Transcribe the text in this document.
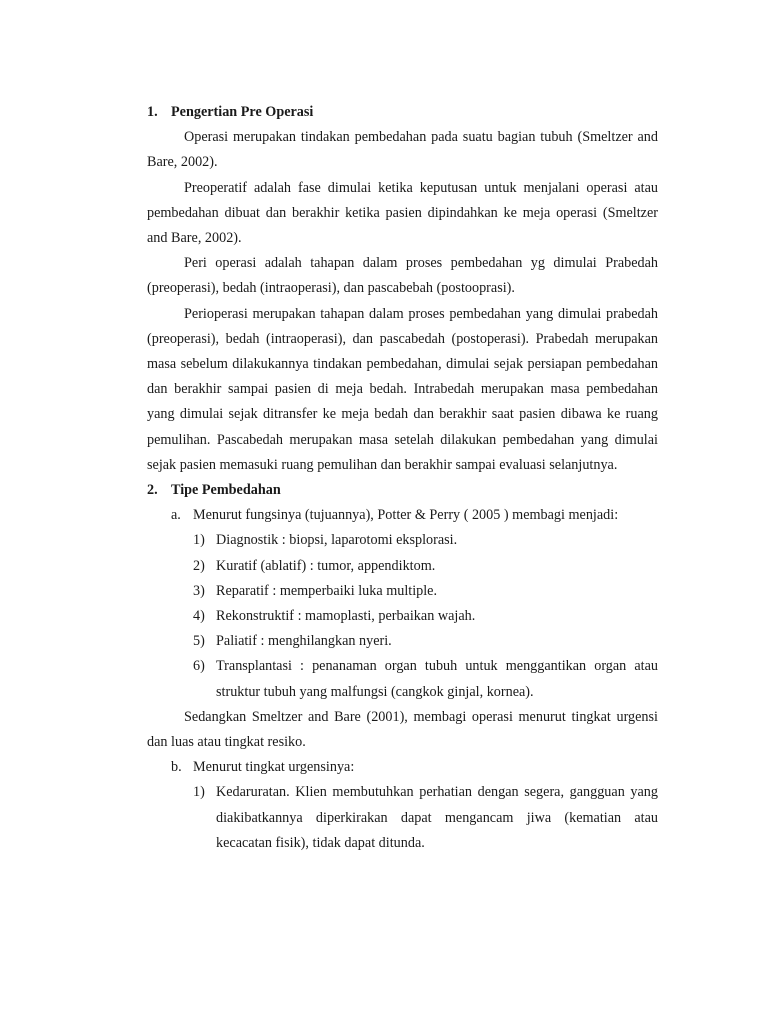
1. Pengertian Pre Operasi

Operasi merupakan tindakan pembedahan pada suatu bagian tubuh (Smeltzer and Bare, 2002).

Preoperatif adalah fase dimulai ketika keputusan untuk menjalani operasi atau pembedahan dibuat dan berakhir ketika pasien dipindahkan ke meja operasi (Smeltzer and Bare, 2002).

Peri operasi adalah tahapan dalam proses pembedahan yg dimulai Prabedah (preoperasi), bedah (intraoperasi), dan pascabebah (postooprasi).

Perioperasi merupakan tahapan dalam proses pembedahan yang dimulai prabedah (preoperasi), bedah (intraoperasi), dan pascabedah (postoperasi). Prabedah merupakan masa sebelum dilakukannya tindakan pembedahan, dimulai sejak persiapan pembedahan dan berakhir sampai pasien di meja bedah. Intrabedah merupakan masa pembedahan yang dimulai sejak ditransfer ke meja bedah dan berakhir saat pasien dibawa ke ruang pemulihan. Pascabedah merupakan masa setelah dilakukan pembedahan yang dimulai sejak pasien memasuki ruang pemulihan dan berakhir sampai evaluasi selanjutnya.

2. Tipe Pembedahan
a. Menurut fungsinya (tujuannya), Potter & Perry ( 2005 ) membagi menjadi:
1) Diagnostik : biopsi, laparotomi eksplorasi.
2) Kuratif (ablatif) : tumor, appendiktom.
3) Reparatif : memperbaiki luka multiple.
4) Rekonstruktif : mamoplasti, perbaikan wajah.
5) Paliatif : menghilangkan nyeri.
6) Transplantasi : penanaman organ tubuh untuk menggantikan organ atau struktur tubuh yang malfungsi (cangkok ginjal, kornea).

Sedangkan Smeltzer and Bare (2001), membagi operasi menurut tingkat urgensi dan luas atau tingkat resiko.

b. Menurut tingkat urgensinya:
1) Kedaruratan. Klien membutuhkan perhatian dengan segera, gangguan yang diakibatkannya diperkirakan dapat mengancam jiwa (kematian atau kecacatan fisik), tidak dapat ditunda.
